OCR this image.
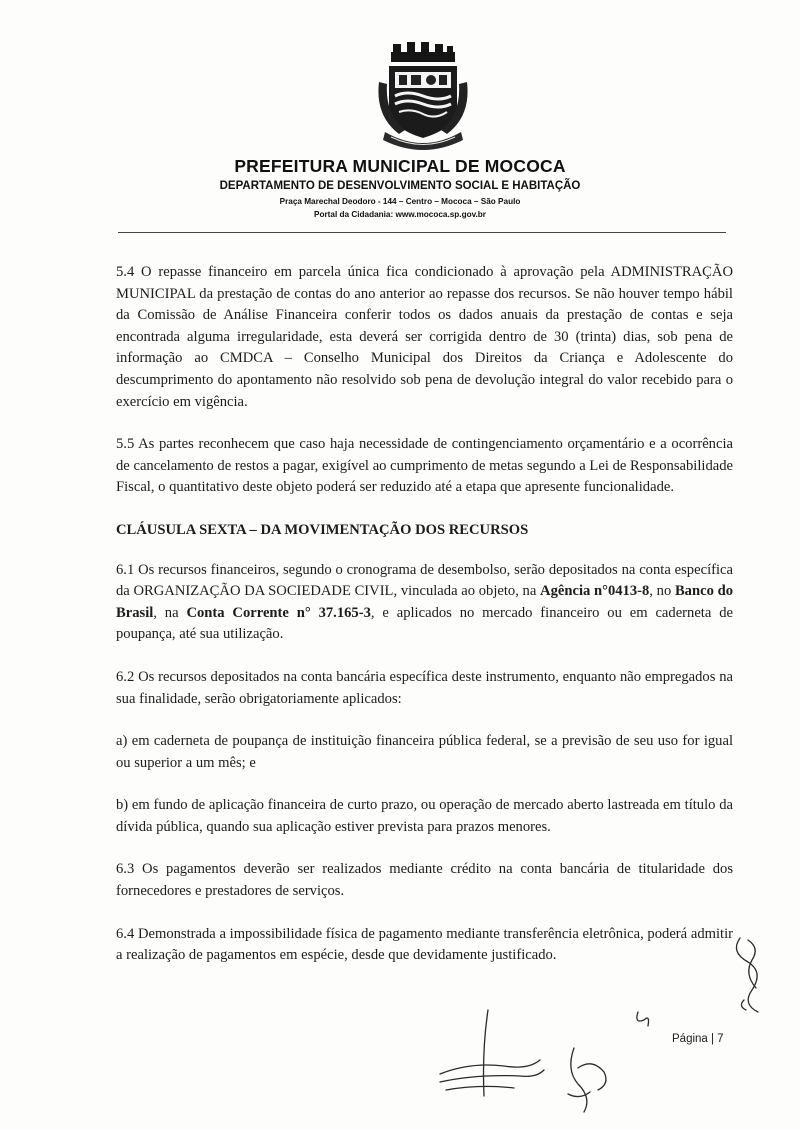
PREFEITURA MUNICIPAL DE MOCOCA
DEPARTAMENTO DE DESENVOLVIMENTO SOCIAL E HABITAÇÃO
Praça Marechal Deodoro - 144 – Centro – Mococa – São Paulo
Portal da Cidadania: www.mococa.sp.gov.br

5.4 O repasse financeiro em parcela única fica condicionado à aprovação pela ADMINISTRAÇÃO MUNICIPAL da prestação de contas do ano anterior ao repasse dos recursos. Se não houver tempo hábil da Comissão de Análise Financeira conferir todos os dados anuais da prestação de contas e seja encontrada alguma irregularidade, esta deverá ser corrigida dentro de 30 (trinta) dias, sob pena de informação ao CMDCA – Conselho Municipal dos Direitos da Criança e Adolescente do descumprimento do apontamento não resolvido sob pena de devolução integral do valor recebido para o exercício em vigência.

5.5 As partes reconhecem que caso haja necessidade de contingenciamento orçamentário e a ocorrência de cancelamento de restos a pagar, exigível ao cumprimento de metas segundo a Lei de Responsabilidade Fiscal, o quantitativo deste objeto poderá ser reduzido até a etapa que apresente funcionalidade.

CLÁUSULA SEXTA – DA MOVIMENTAÇÃO DOS RECURSOS

6.1 Os recursos financeiros, segundo o cronograma de desembolso, serão depositados na conta específica da ORGANIZAÇÃO DA SOCIEDADE CIVIL, vinculada ao objeto, na Agência n°0413-8, no Banco do Brasil, na Conta Corrente n° 37.165-3, e aplicados no mercado financeiro ou em caderneta de poupança, até sua utilização.

6.2 Os recursos depositados na conta bancária específica deste instrumento, enquanto não empregados na sua finalidade, serão obrigatoriamente aplicados:

a) em caderneta de poupança de instituição financeira pública federal, se a previsão de seu uso for igual ou superior a um mês; e

b) em fundo de aplicação financeira de curto prazo, ou operação de mercado aberto lastreada em título da dívida pública, quando sua aplicação estiver prevista para prazos menores.

6.3 Os pagamentos deverão ser realizados mediante crédito na conta bancária de titularidade dos fornecedores e prestadores de serviços.

6.4 Demonstrada a impossibilidade física de pagamento mediante transferência eletrônica, poderá admitir a realização de pagamentos em espécie, desde que devidamente justificado.

Página | 7
